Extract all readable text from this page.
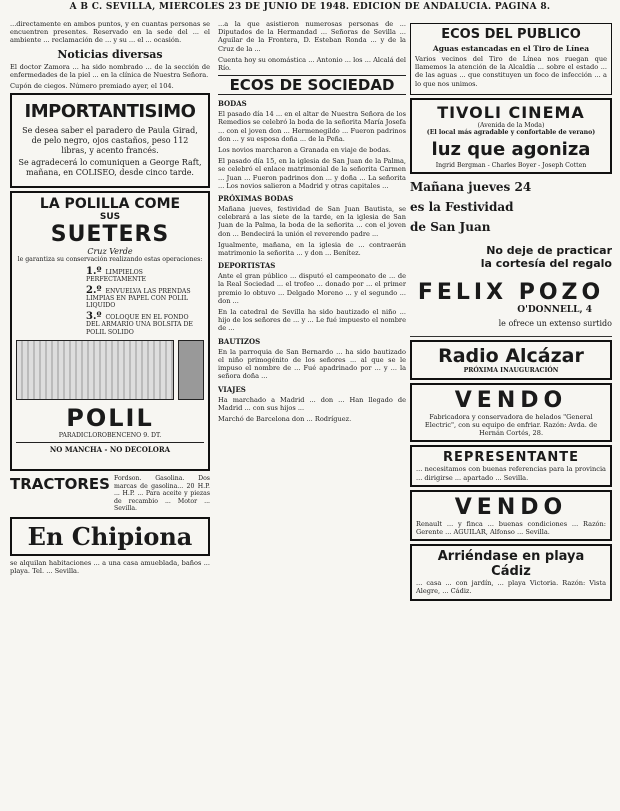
A B C. SEVILLA, MIÉRCOLES 23 DE JUNIO DE 1948. EDICIÓN DE ANDALUCÍA. PAGINA 8.

...directamente en ambos puntos, y en cuantas personas se encuentren presentes. Reservado en la sede del ... el ambiente ... reclamación de ... y su ... el ... ocasión.

Noticias diversas

El doctor Zamora ... ha sido nombrado ... de la sección de enfermedades de la piel ... en la clínica de Nuestra Señora.

Cupón de ciegos. Número premiado ayer, el 104.

IMPORTANTISIMO

Se desea saber el paradero de Paula Girad, de pelo negro, ojos castaños, peso 112 libras, y acento francés.

Se agradecerá lo comuniquen a George Raft, mañana, en COLISEO, desde cinco tarde.

LA POLILLA COME
SUS
SUETERS
Cruz Verde
le garantiza su conservación realizando estas operaciones:
1.º LIMPIELOS PERFECTAMENTE
2.º ENVUELVA LAS PRENDAS LIMPIAS EN PAPEL CON POLIL LIQUIDO
3.º COLOQUE EN EL FONDO DEL ARMARIO UNA BOLSITA DE POLIL SOLIDO
POLIL
PARADICLOROBENCENO 9. DT.
NO MANCHA - NO DECOLORA
TRACTORES Fordson. Gasolina. Dos marcas de gasolina... 20 H.P. ... H.P. ... Para aceite y piezas de recambio ... Motor ... Sevilla.

En Chipiona

se alquilan habitaciones ... a una casa amueblada, baños ... playa. Tel. ... Sevilla.

...a la que asistieron numerosas personas de ... Diputados de la Hermandad ... Señoras de Sevilla ... Aguilar de la Frontera, D. Esteban Ronda ... y de la Cruz de la ...

Cuenta hoy su onomástica ... Antonio ... los ... Alcalá del Río.

ECOS DE SOCIEDAD
BODAS

El pasado día 14 ... en el altar de Nuestra Señora de los Remedios se celebró la boda de la señorita María Josefa ... con el joven don ... Hermenegildo ... Fueron padrinos don ... y su esposa doña ... de la Peña.

Los novios marcharon a Granada en viaje de bodas.

El pasado día 15, en la iglesia de San Juan de la Palma, se celebró el enlace matrimonial de la señorita Carmen ... Juan ... Fueron padrinos don ... y doña ... La señorita ... Los novios salieron a Madrid y otras capitales ...

PRÓXIMAS BODAS

Mañana jueves, festividad de San Juan Bautista, se celebrará a las siete de la tarde, en la iglesia de San Juan de la Palma, la boda de la señorita ... con el joven don ... Bendecirá la unión el reverendo padre ...

Igualmente, mañana, en la iglesia de ... contraerán matrimonio la señorita ... y don ... Benítez.

DEPORTISTAS

Ante el gran público ... disputó el campeonato de ... de la Real Sociedad ... el trofeo ... donado por ... el primer premio lo obtuvo ... Delgado Moreno ... y el segundo ... don ...

En la catedral de Sevilla ha sido bautizado el niño ... hijo de los señores de ... y ... Le fué impuesto el nombre de ...

BAUTIZOS

En la parroquia de San Bernardo ... ha sido bautizado el niño primogénito de los señores ... al que se le impuso el nombre de ... Fué apadrinado por ... y ... la señora doña ...

VIAJES

Ha marchado a Madrid ... don ... Han llegado de Madrid ... con sus hijos ...

Marchó de Barcelona don ... Rodríguez.

ECOS DEL PUBLICO
Aguas estancadas en el Tiro de Línea

Varios vecinos del Tiro de Línea nos ruegan que llamemos la atención de la Alcaldía ... sobre el estado ... de las aguas ... que constituyen un foco de infección ... a lo que nos unimos.

TIVOLI CINEMA
(Avenida de la Moda)
(El local más agradable y confortable de verano)
luz que agoniza
Ingrid Bergman - Charles Boyer - Joseph Cotten
Mañana jueves 24
es la Festividad
de San Juan
No deje de practicar
la cortesía del regalo
FELIX POZO
O'DONNELL, 4
le ofrece un extenso surtido
Radio Alcázar
PRÓXIMA INAUGURACIÓN
VENDO

Fabricadora y conservadora de helados "General Electric", con su equipo de enfriar. Razón: Avda. de Hernán Cortés, 28.

REPRESENTANTE

... necesitamos con buenas referencias para la provincia ... dirigirse ... apartado ... Sevilla.

VENDO

Renault ... y finca ... buenas condiciones ... Razón: Gerente ... AGUILAR, Alfonso ... Sevilla.

Arriéndase en playa Cádiz

... casa ... con jardín, ... playa Victoria. Razón: Vista Alegre, ... Cádiz.
